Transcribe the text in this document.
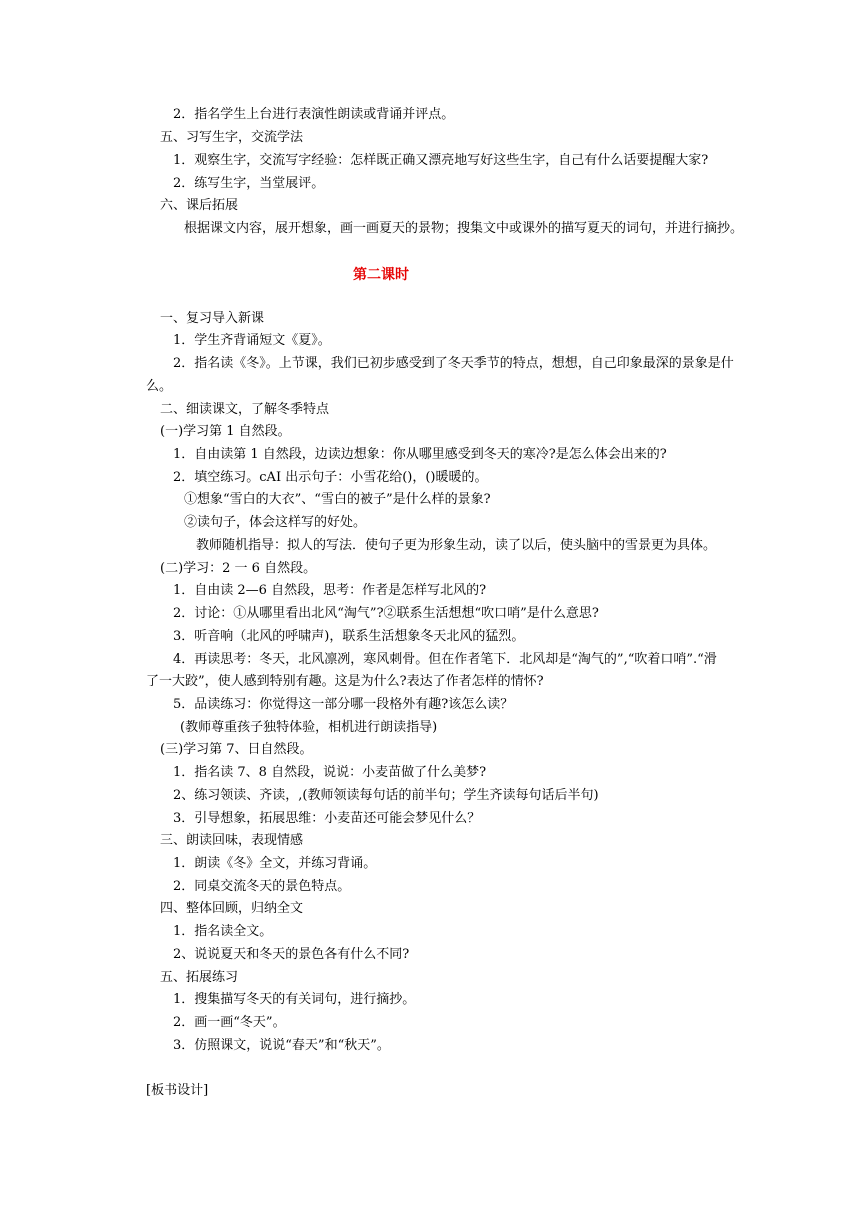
2．指名学生上台进行表演性朗读或背诵并评点。
五、习写生字，交流学法
1．观察生字，交流写字经验：怎样既正确又漂亮地写好这些生字，自己有什么话要提醒大家?
2．练写生字，当堂展评。
六、课后拓展
根据课文内容，展开想象，画一画夏天的景物；搜集文中或课外的描写夏天的词句，并进行摘抄。
第二课时
一、复习导入新课
1．学生齐背诵短文《夏》。
2．指名读《冬》。上节课，我们已初步感受到了冬天季节的特点，想想，自己印象最深的景象是什
么。
二、细读课文，了解冬季特点
(一)学习第 1 自然段。
1．自由读第 1 自然段，边读边想象：你从哪里感受到冬天的寒冷?是怎么体会出来的?
2．填空练习。cAI 出示句子：小雪花给()，()暖暖的。
①想象“雪白的大衣”、“雪白的被子”是什么样的景象?
②读句子，体会这样写的好处。
教师随机指导：拟人的写法．使句子更为形象生动，读了以后，使头脑中的雪景更为具体。
(二)学习：2 一 6 自然段。
1．自由读 2—6 自然段，思考：作者是怎样写北风的?
2．讨论：①从哪里看出北风“淘气”?②联系生活想想“吹口哨”是什么意思?
3．听音响（北风的呼啸声)，联系生活想象冬天北风的猛烈。
4．再读思考：冬天，北风凛冽，寒风刺骨。但在作者笔下．北风却是“淘气的”,“吹着口哨”.“滑
了一大跤”，使人感到特别有趣。这是为什么?表达了作者怎样的情怀?
5．品读练习：你觉得这一部分哪一段格外有趣?该怎么读？
(教师尊重孩子独特体验，相机进行朗读指导)
(三)学习第 7、日自然段。
1．指名读 7、8 自然段，说说：小麦苗做了什么美梦?
2、练习领读、齐读，,(教师领读每句话的前半句；学生齐读每句话后半句)
3．引导想象，拓展思维：小麦苗还可能会梦见什么？
三、朗读回味，表现情感
1．朗读《冬》全文，并练习背诵。
2．同桌交流冬天的景色特点。
四、整体回顾，归纳全文
1．指名读全文。
2、说说夏天和冬天的景色各有什么不同?
五、拓展练习
1．搜集描写冬天的有关词句，进行摘抄。
2．画一画“冬天”。
3．仿照课文，说说“春天”和“秋天”。
[板书设计]
